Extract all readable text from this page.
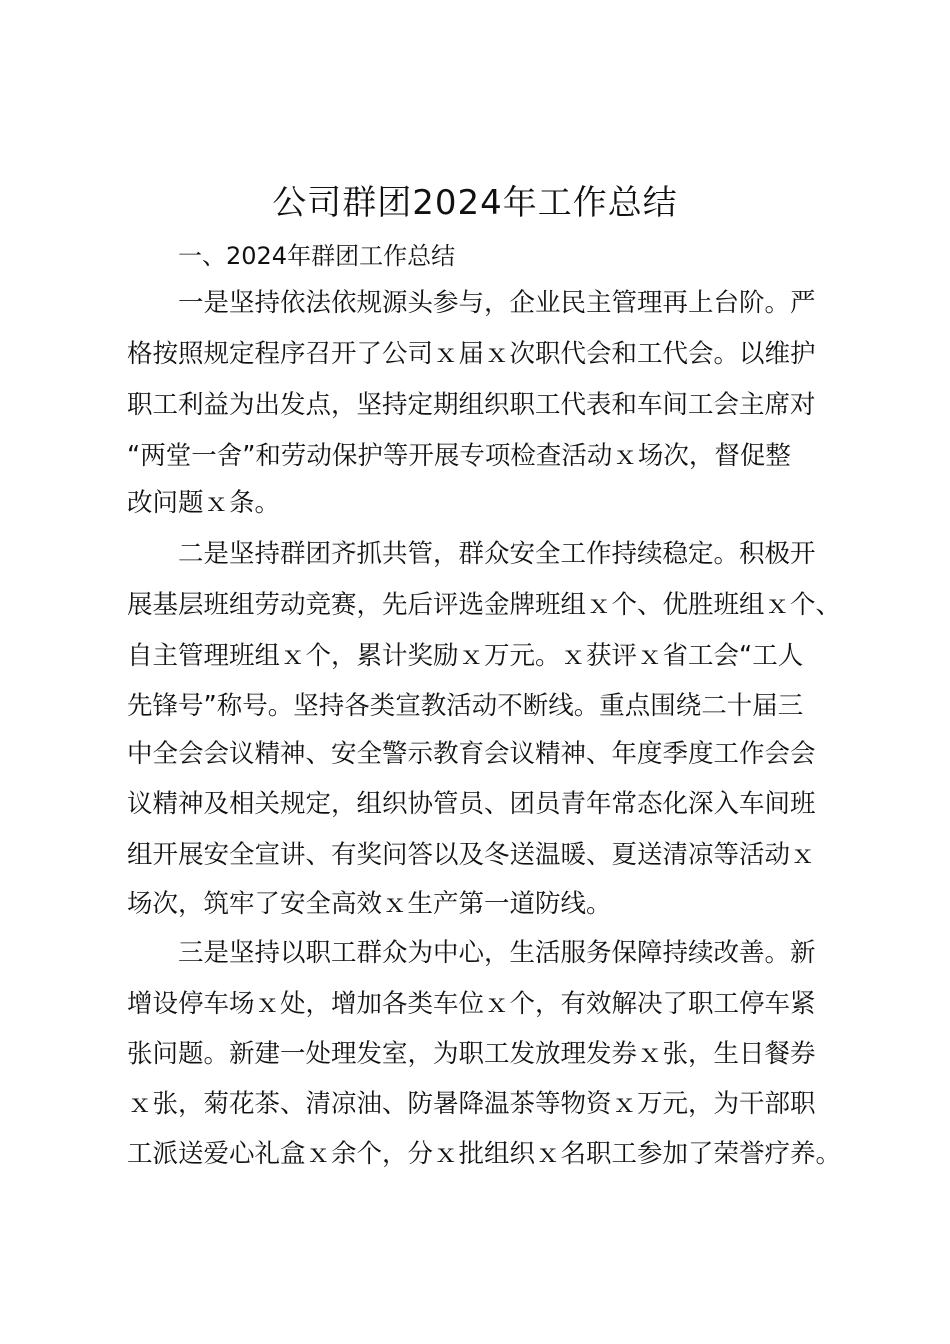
公司群团2024年工作总结

一、2024年群团工作总结

一是坚持依法依规源头参与，企业民主管理再上台阶。严

格按照规定程序召开了公司ｘ届ｘ次职代会和工代会。以维护

职工利益为出发点，坚持定期组织职工代表和车间工会主席对

“两堂一舍”和劳动保护等开展专项检查活动ｘ场次，督促整

改问题ｘ条。

二是坚持群团齐抓共管，群众安全工作持续稳定。积极开

展基层班组劳动竞赛，先后评选金牌班组ｘ个、优胜班组ｘ个、

自主管理班组ｘ个，累计奖励ｘ万元。ｘ获评ｘ省工会“工人

先锋号”称号。坚持各类宣教活动不断线。重点围绕二十届三

中全会会议精神、安全警示教育会议精神、年度季度工作会会

议精神及相关规定，组织协管员、团员青年常态化深入车间班

组开展安全宣讲、有奖问答以及冬送温暖、夏送清凉等活动ｘ

场次，筑牢了安全高效ｘ生产第一道防线。

三是坚持以职工群众为中心，生活服务保障持续改善。新

增设停车场ｘ处，增加各类车位ｘ个，有效解决了职工停车紧

张问题。新建一处理发室，为职工发放理发券ｘ张，生日餐券

ｘ张，菊花茶、清凉油、防暑降温茶等物资ｘ万元，为干部职

工派送爱心礼盒ｘ余个，分ｘ批组织ｘ名职工参加了荣誉疗养。
